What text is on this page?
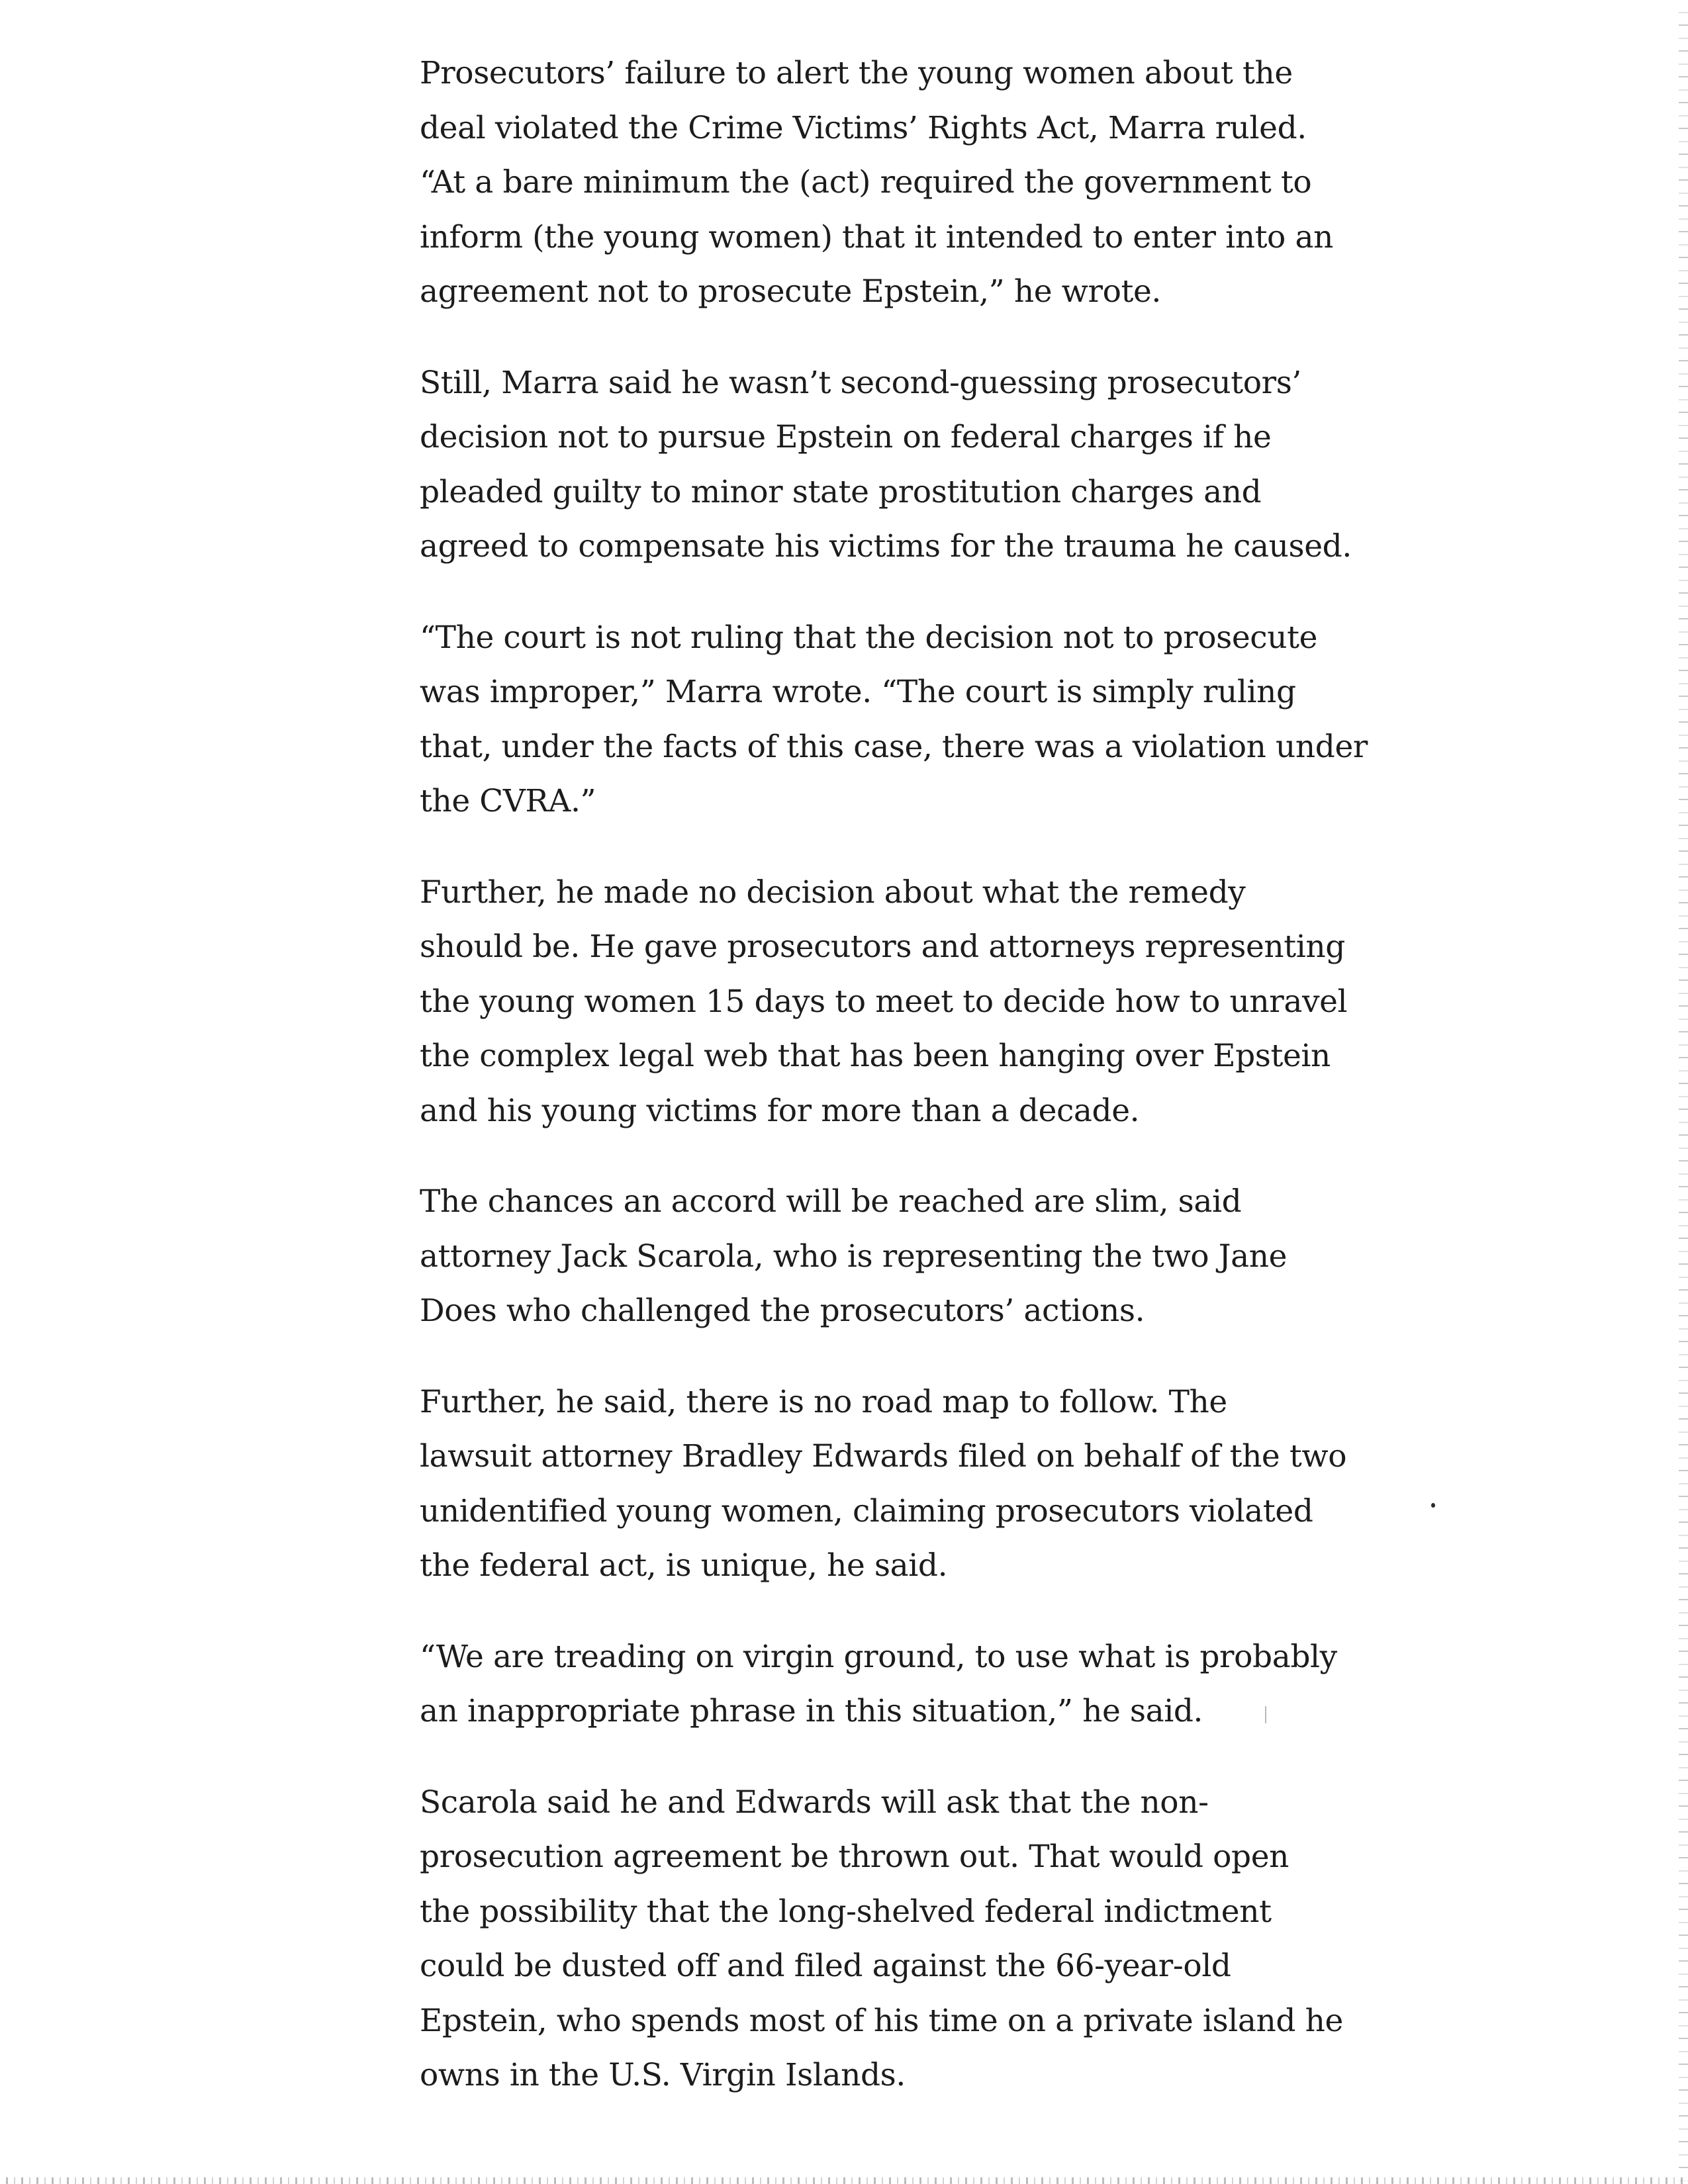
Prosecutors’ failure to alert the young women about the
deal violated the Crime Victims’ Rights Act, Marra ruled.
“At a bare minimum the (act) required the government to
inform (the young women) that it intended to enter into an
agreement not to prosecute Epstein,” he wrote.

Still, Marra said he wasn’t second-guessing prosecutors’
decision not to pursue Epstein on federal charges if he
pleaded guilty to minor state prostitution charges and
agreed to compensate his victims for the trauma he caused.

“The court is not ruling that the decision not to prosecute
was improper,” Marra wrote. “The court is simply ruling
that, under the facts of this case, there was a violation under
the CVRA.”

Further, he made no decision about what the remedy
should be. He gave prosecutors and attorneys representing
the young women 15 days to meet to decide how to unravel
the complex legal web that has been hanging over Epstein
and his young victims for more than a decade.

The chances an accord will be reached are slim, said
attorney Jack Scarola, who is representing the two Jane
Does who challenged the prosecutors’ actions.

Further, he said, there is no road map to follow. The
lawsuit attorney Bradley Edwards filed on behalf of the two
unidentified young women, claiming prosecutors violated
the federal act, is unique, he said.

“We are treading on virgin ground, to use what is probably
an inappropriate phrase in this situation,” he said.

Scarola said he and Edwards will ask that the non-
prosecution agreement be thrown out. That would open
the possibility that the long-shelved federal indictment
could be dusted off and filed against the 66-year-old
Epstein, who spends most of his time on a private island he
owns in the U.S. Virgin Islands.
